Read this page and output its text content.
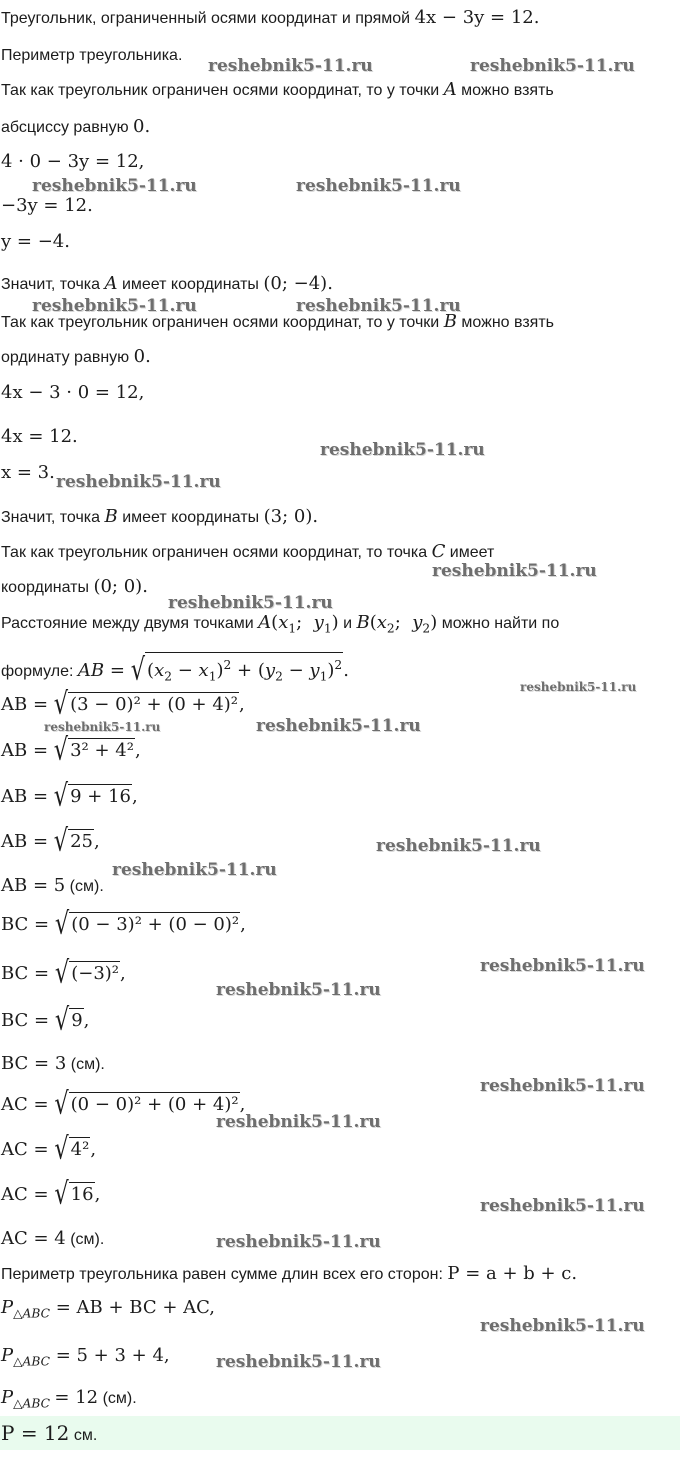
Треугольник, ограниченный осями координат и прямой 4x − 3y = 12.
Периметр треугольника.
Так как треугольник ограничен осями координат, то у точки A можно взять
абсциссу равную 0.
4 · 0 − 3y = 12,
−3y = 12.
y = −4.
Значит, точка A имеет координаты (0; −4).
Так как треугольник ограничен осями координат, то у точки B можно взять
ординату равную 0.
4x − 3 · 0 = 12,
4x = 12.
x = 3.
Значит, точка B имеет координаты (3; 0).
Так как треугольник ограничен осями координат, то точка C имеет
координаты (0; 0).
Расстояние между двумя точками $A(x_1$;  $y_1$) и $B(x_2$;  $y_2$) можно найти по
формуле: AB = √ $(x_2 - x_1)^2 + (y_2 - y_1)^2$.
AB = √ (3 − 0)² + (0 + 4)²,
AB = √ 3² + 4²,
AB = √ 9 + 16,
AB = √ 25,
AB = 5 (см).
BC = √ (0 − 3)² + (0 − 0)²,
BC = √ (−3)²,
BC = √ 9,
BC = 3 (см).
AC = √ (0 − 0)² + (0 + 4)²,
AC = √ 4²,
AC = √ 16,
AC = 4 (см).
Периметр треугольника равен сумме длин всех его сторон: P = a + b + c.
$P_{\triangle ABC}$ = AB + BC + AC,
$P_{\triangle ABC} = 5 + 3 + 4$,
$P_{\triangle ABC} = 12$ (см).
P = 12 см.
reshebnik5-11.ru	reshebnik5-11.ru
reshebnik5-11.ru	reshebnik5-11.ru
reshebnik5-11.ru	reshebnik5-11.ru
reshebnik5-11.ru
reshebnik5-11.ru
reshebnik5-11.ru
reshebnik5-11.ru
reshebnik5-11.ru
reshebnik5-11.ru	reshebnik5-11.ru
reshebnik5-11.ru
reshebnik5-11.ru
reshebnik5-11.ru
reshebnik5-11.ru
reshebnik5-11.ru
reshebnik5-11.ru
reshebnik5-11.ru
reshebnik5-11.ru
reshebnik5-11.ru
reshebnik5-11.ru
